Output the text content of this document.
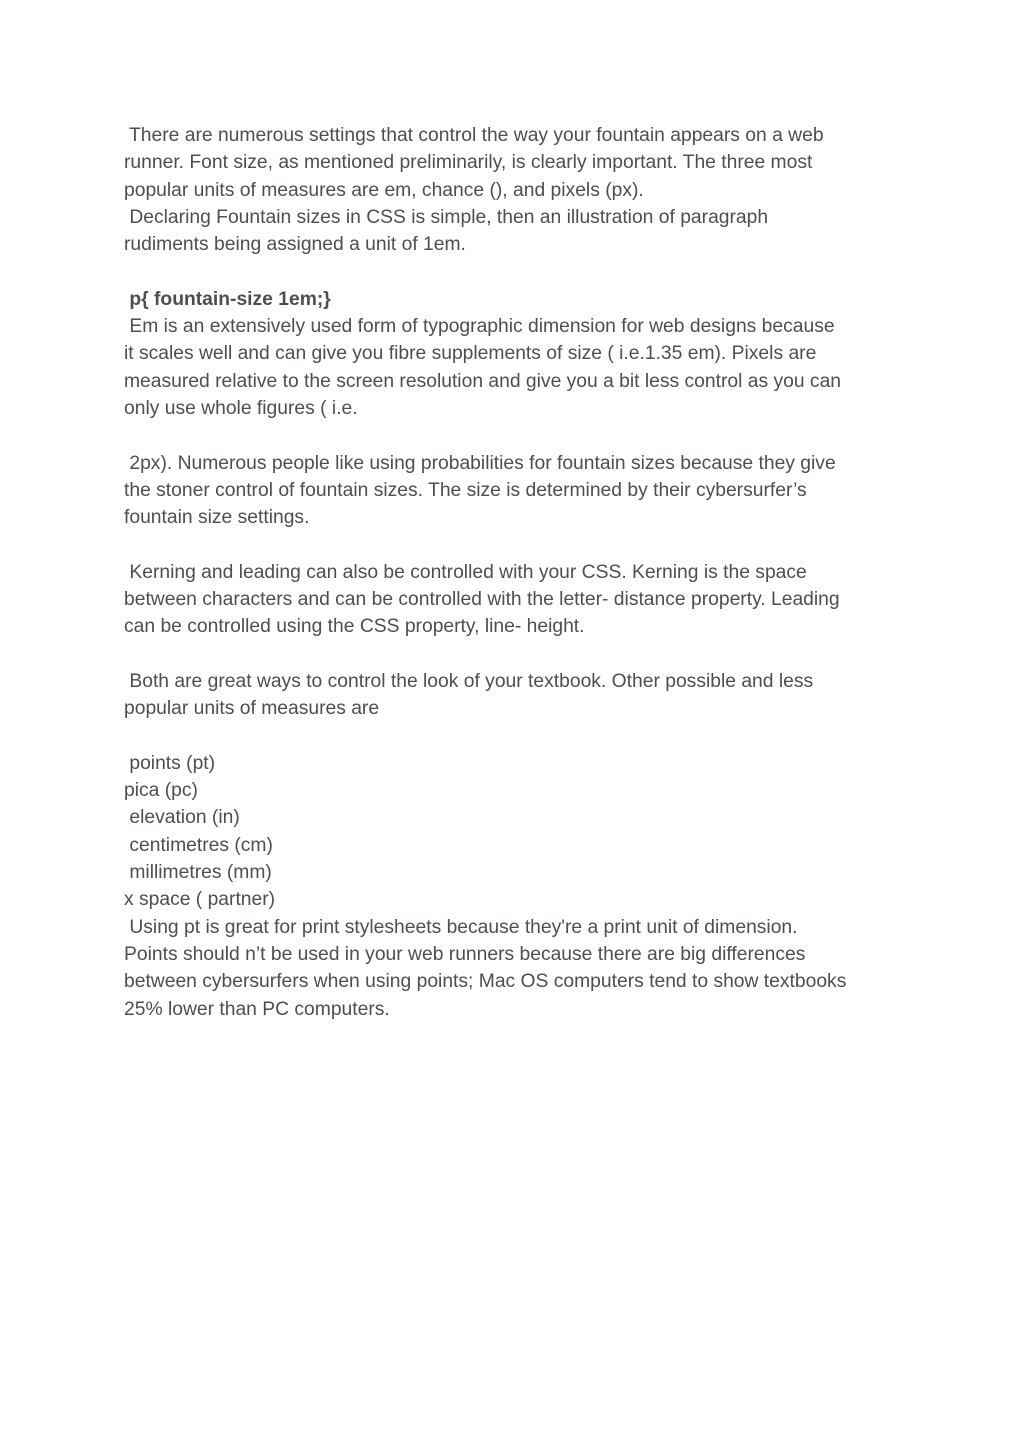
There are numerous settings that control the way your fountain appears on a web
runner. Font size, as mentioned preliminarily, is clearly important. The three most
popular units of measures are em, chance (), and pixels (px).
Declaring Fountain sizes in CSS is simple, then an illustration of paragraph
rudiments being assigned a unit of 1em.
p{ fountain-size 1em;}
Em is an extensively used form of typographic dimension for web designs because
it scales well and can give you fibre supplements of size ( i.e.1.35 em). Pixels are
measured relative to the screen resolution and give you a bit less control as you can
only use whole figures ( i.e.
2px). Numerous people like using probabilities for fountain sizes because they give
the stoner control of fountain sizes. The size is determined by their cybersurfer’s
fountain size settings.
Kerning and leading can also be controlled with your CSS. Kerning is the space
between characters and can be controlled with the letter- distance property. Leading
can be controlled using the CSS property, line- height.
Both are great ways to control the look of your textbook. Other possible and less
popular units of measures are
points (pt)
pica (pc)
elevation (in)
centimetres (cm)
millimetres (mm)
x space ( partner)
Using pt is great for print stylesheets because they're a print unit of dimension.
Points should n’t be used in your web runners because there are big differences
between cybersurfers when using points; Mac OS computers tend to show textbooks
25% lower than PC computers.
